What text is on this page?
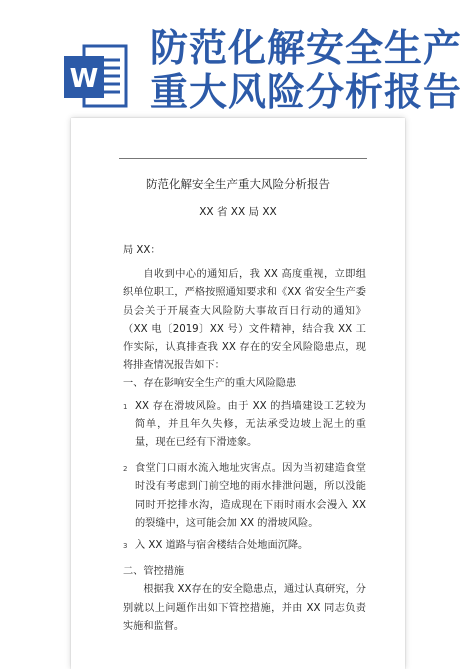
W
防范化解安全生产
重大风险分析报告
防范化解安全生产重大风险分析报告
XX 省 XX 局 XX

局 XX：

自收到中心的通知后，我 XX 高度重视，立即组织单位职工，严格按照通知要求和《XX 省安全生产委员会关于开展查大风险防大事故百日行动的通知》（XX 电〔2019〕XX 号）文件精神，结合我 XX 工作实际，认真排查我 XX 存在的安全风险隐患点，现将排查情况报告如下：

一、存在影响安全生产的重大风险隐患

1 XX 存在滑坡风险。由于 XX 的挡墙建设工艺较为简单，并且年久失修，无法承受边坡上泥土的重量，现在已经有下滑迹象。

2 食堂门口雨水流入地址灾害点。因为当初建造食堂时没有考虑到门前空地的雨水排泄问题，所以没能同时开挖排水沟，造成现在下雨时雨水会漫入 XX 的裂缝中，这可能会加 XX 的滑坡风险。

3 入 XX 道路与宿舍楼结合处地面沉降。

二、管控措施

根据我 XX存在的安全隐患点，通过认真研究，分别就以上问题作出如下管控措施，并由 XX 同志负责实施和监督。
